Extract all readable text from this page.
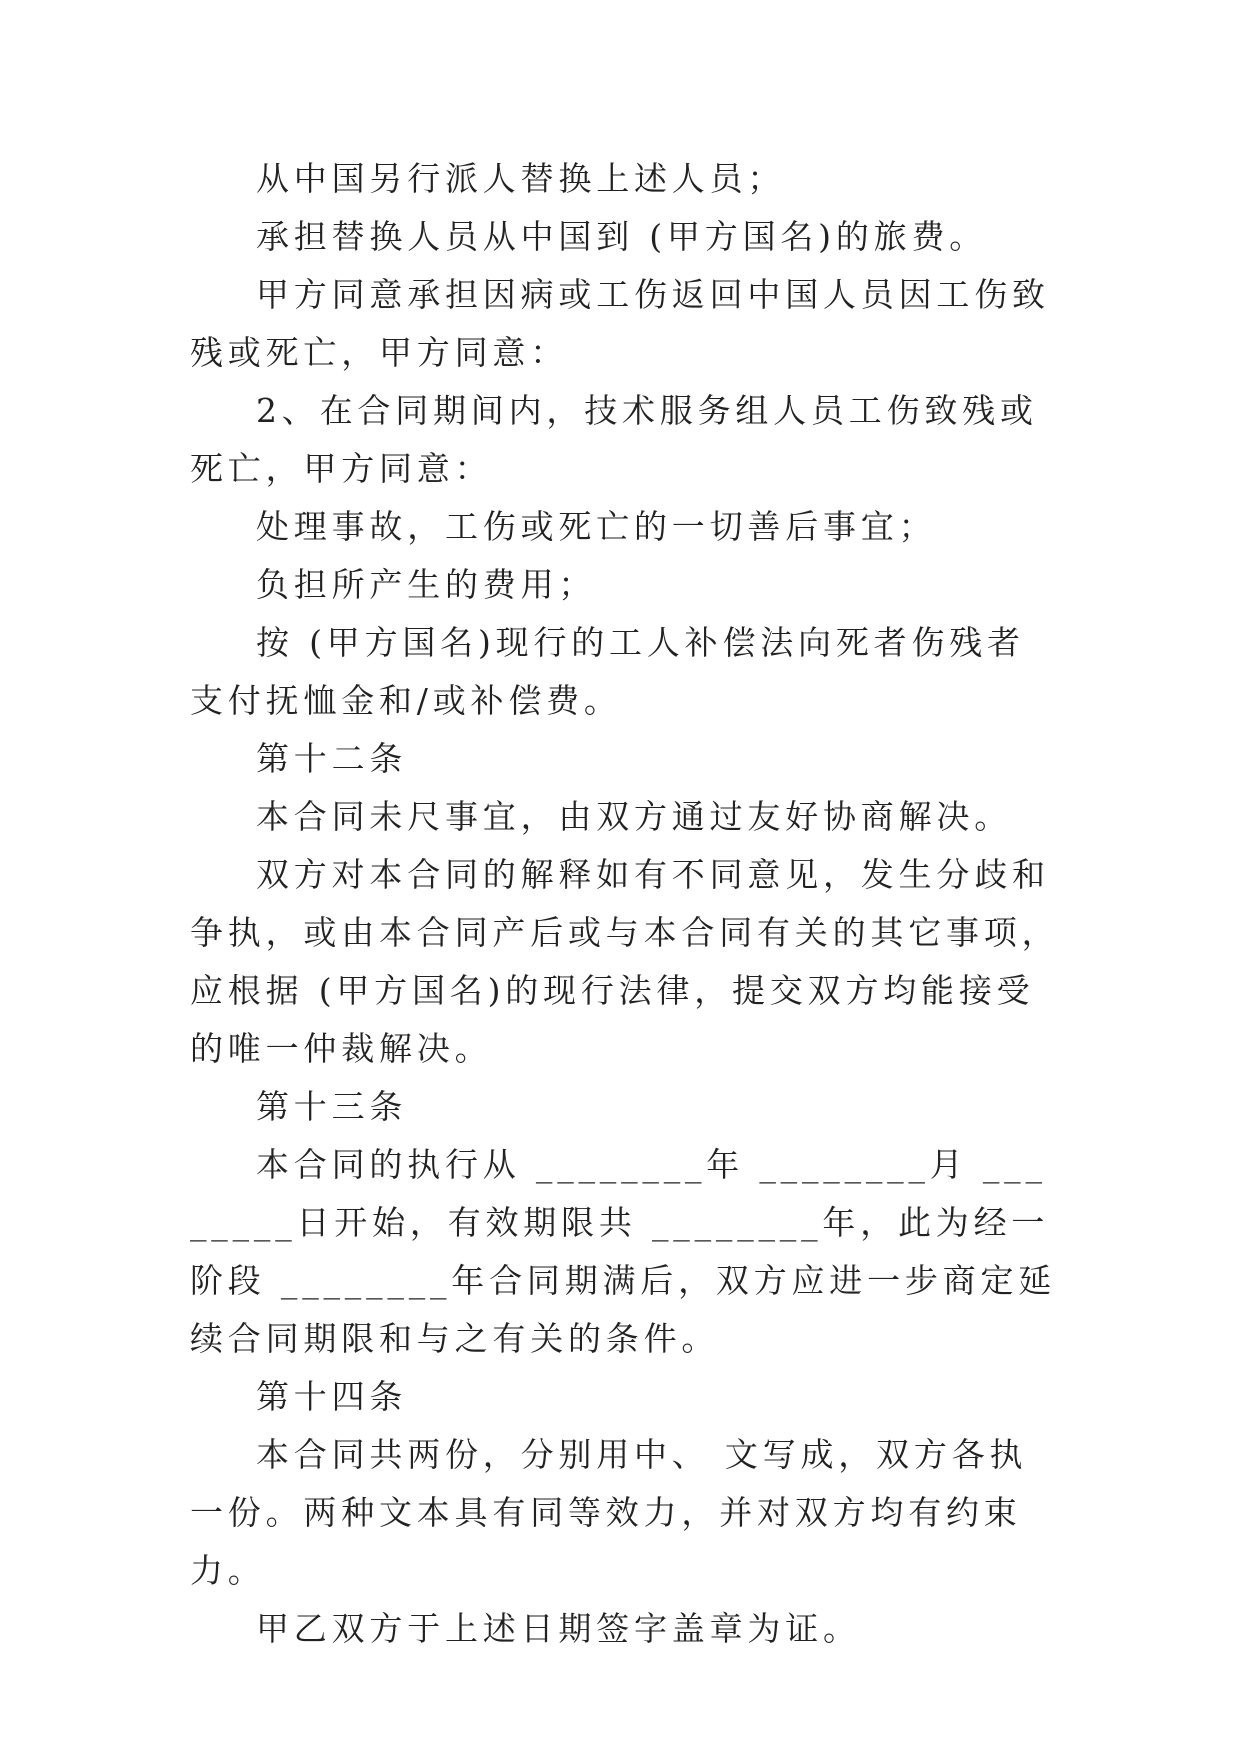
从中国另行派人替换上述人员；

承担替换人员从中国到 (甲方国名)的旅费。

甲方同意承担因病或工伤返回中国人员因工伤致残或死亡，甲方同意：

2、在合同期间内，技术服务组人员工伤致残或死亡，甲方同意：

处理事故，工伤或死亡的一切善后事宜；

负担所产生的费用；

按 (甲方国名)现行的工人补偿法向死者伤残者支付抚恤金和/或补偿费。

第十二条

本合同未尺事宜，由双方通过友好协商解决。

双方对本合同的解释如有不同意见，发生分歧和争执，或由本合同产后或与本合同有关的其它事项，应根据 (甲方国名)的现行法律，提交双方均能接受的唯一仲裁解决。

第十三条

本合同的执行从 ________年 ________月 ________日开始，有效期限共 ________年，此为经一阶段 ________年合同期满后，双方应进一步商定延续合同期限和与之有关的条件。

第十四条

本合同共两份，分别用中、 文写成，双方各执一份。两种文本具有同等效力，并对双方均有约束力。

甲乙双方于上述日期签字盖章为证。
